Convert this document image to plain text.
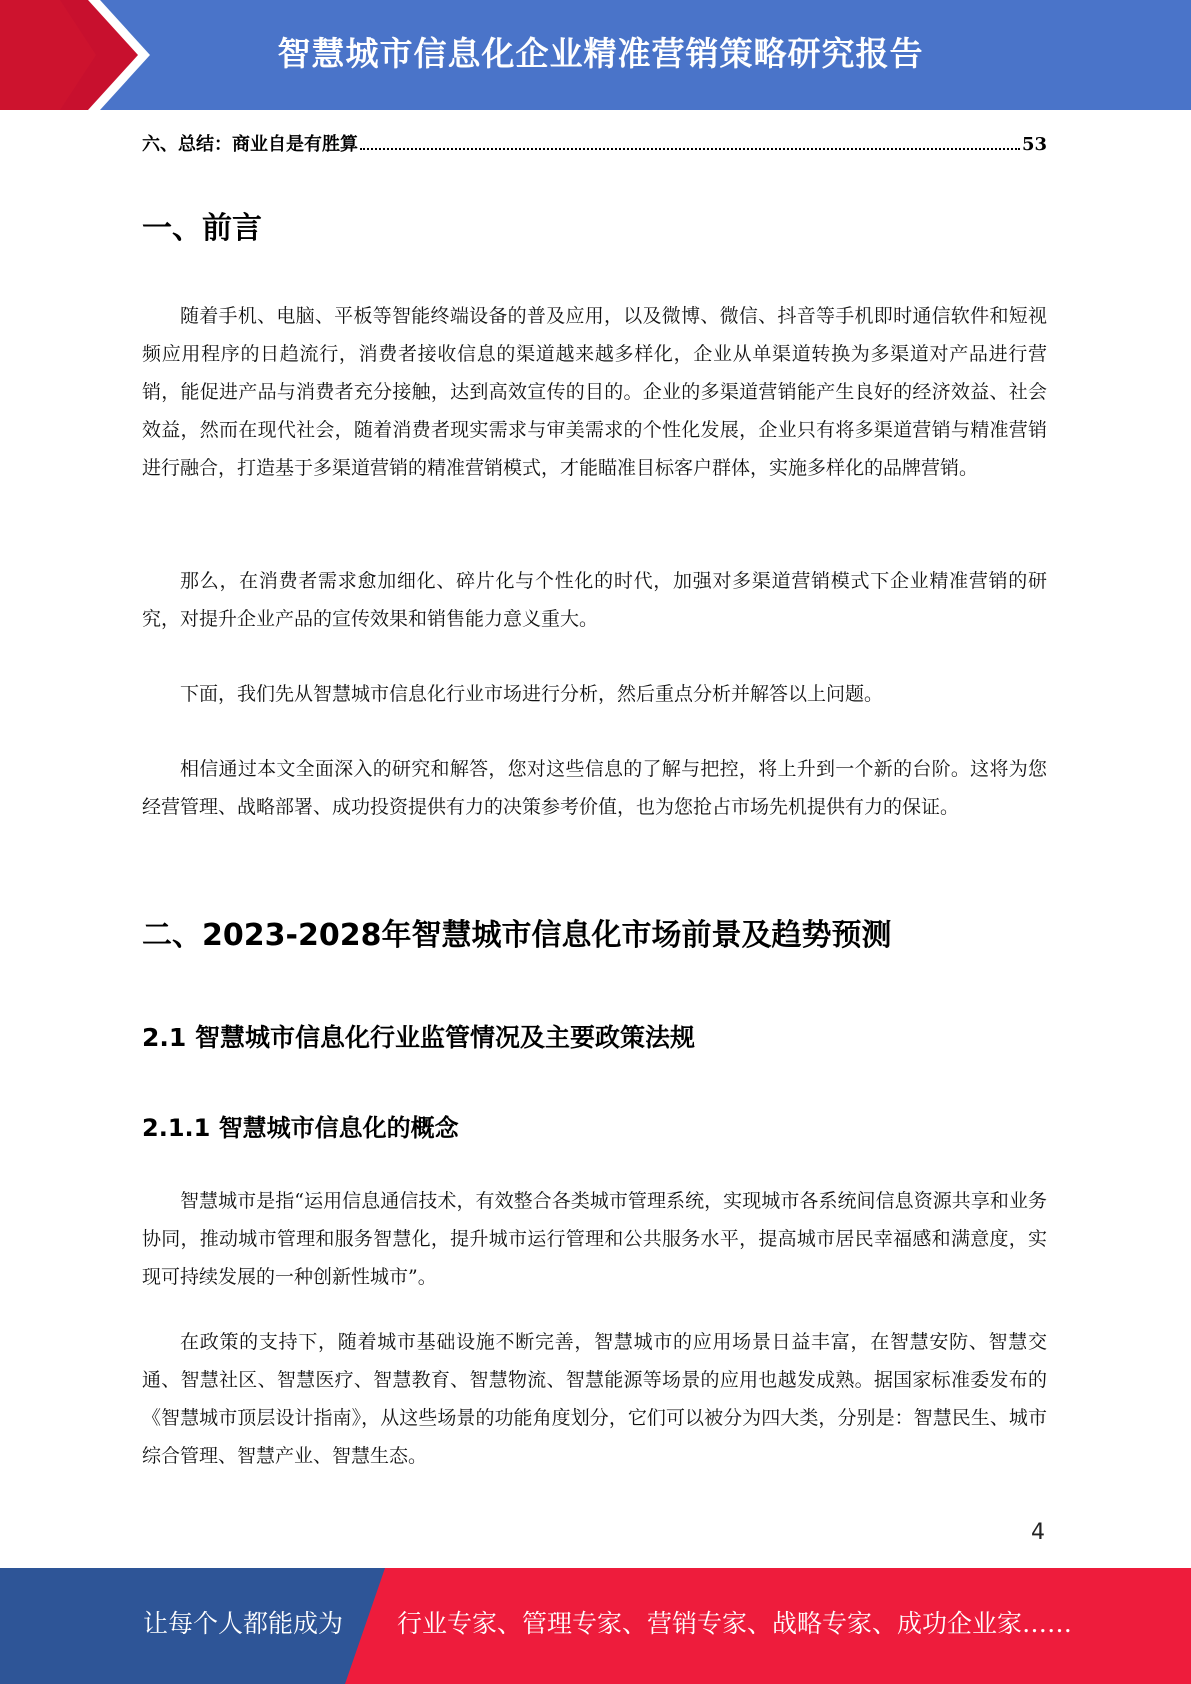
智慧城市信息化企业精准营销策略研究报告
六、总结：商业自是有胜算	53
一、前言

随着手机、电脑、平板等智能终端设备的普及应用，以及微博、微信、抖音等手机即时通信软件和短视频应用程序的日趋流行，消费者接收信息的渠道越来越多样化，企业从单渠道转换为多渠道对产品进行营销，能促进产品与消费者充分接触，达到高效宣传的目的。企业的多渠道营销能产生良好的经济效益、社会效益，然而在现代社会，随着消费者现实需求与审美需求的个性化发展，企业只有将多渠道营销与精准营销进行融合，打造基于多渠道营销的精准营销模式，才能瞄准目标客户群体，实施多样化的品牌营销。

那么，在消费者需求愈加细化、碎片化与个性化的时代，加强对多渠道营销模式下企业精准营销的研究，对提升企业产品的宣传效果和销售能力意义重大。

下面，我们先从智慧城市信息化行业市场进行分析，然后重点分析并解答以上问题。

相信通过本文全面深入的研究和解答，您对这些信息的了解与把控，将上升到一个新的台阶。这将为您经营管理、战略部署、成功投资提供有力的决策参考价值，也为您抢占市场先机提供有力的保证。

二、2023-2028年智慧城市信息化市场前景及趋势预测
2.1 智慧城市信息化行业监管情况及主要政策法规
2.1.1 智慧城市信息化的概念

智慧城市是指“运用信息通信技术，有效整合各类城市管理系统，实现城市各系统间信息资源共享和业务协同，推动城市管理和服务智慧化，提升城市运行管理和公共服务水平，提高城市居民幸福感和满意度，实现可持续发展的一种创新性城市”。

在政策的支持下，随着城市基础设施不断完善，智慧城市的应用场景日益丰富，在智慧安防、智慧交通、智慧社区、智慧医疗、智慧教育、智慧物流、智慧能源等场景的应用也越发成熟。据国家标准委发布的《智慧城市顶层设计指南》，从这些场景的功能角度划分，它们可以被分为四大类，分别是：智慧民生、城市综合管理、智慧产业、智慧生态。

4
让每个人都能成为 行业专家、管理专家、营销专家、战略专家、成功企业家……
